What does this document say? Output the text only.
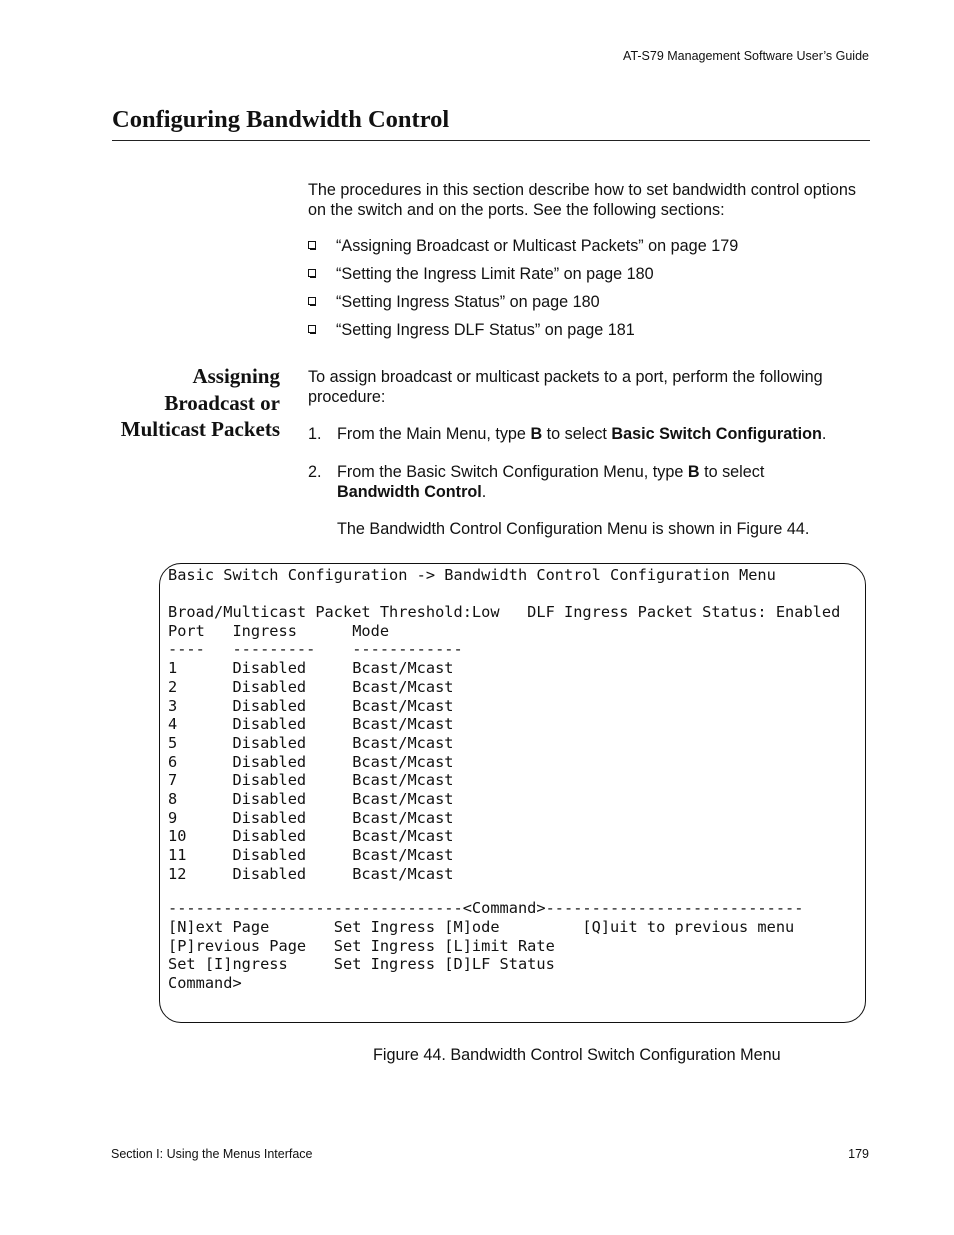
AT-S79 Management Software User’s Guide
Configuring Bandwidth Control

The procedures in this section describe how to set bandwidth control options on the switch and on the ports. See the following sections:

“Assigning Broadcast or Multicast Packets” on page 179
“Setting the Ingress Limit Rate” on page 180
“Setting Ingress Status” on page 180
“Setting Ingress DLF Status” on page 181
Assigning
Broadcast or
Multicast Packets

To assign broadcast or multicast packets to a port, perform the following procedure:

1. From the Main Menu, type B to select Basic Switch Configuration.
2. From the Basic Switch Configuration Menu, type B to select
Bandwidth Control.
The Bandwidth Control Configuration Menu is shown in Figure 44.
Basic Switch Configuration -> Bandwidth Control Configuration Menu
Broad/Multicast Packet Threshold:Low   DLF Ingress Packet Status: Enabled
Port   Ingress      Mode
----   ---------    ------------
1      Disabled     Bcast/Mcast
2      Disabled     Bcast/Mcast
3      Disabled     Bcast/Mcast
4      Disabled     Bcast/Mcast
5      Disabled     Bcast/Mcast
6      Disabled     Bcast/Mcast
7      Disabled     Bcast/Mcast
8      Disabled     Bcast/Mcast
9      Disabled     Bcast/Mcast
10     Disabled     Bcast/Mcast
11     Disabled     Bcast/Mcast
12     Disabled     Bcast/Mcast
--------------------------------<Command>----------------------------
[N]ext Page       Set Ingress [M]ode         [Q]uit to previous menu
[P]revious Page   Set Ingress [L]imit Rate
Set [I]ngress     Set Ingress [D]LF Status
Command>
Figure 44. Bandwidth Control Switch Configuration Menu
Section I: Using the Menus Interface	179
